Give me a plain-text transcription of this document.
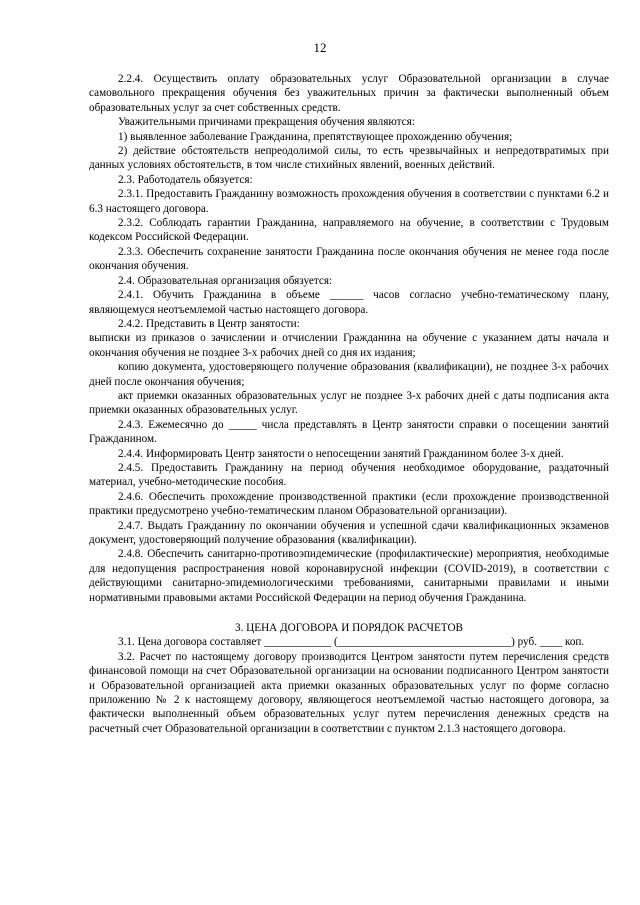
12

2.2.4. Осуществить оплату образовательных услуг Образовательной организации в случае самовольного прекращения обучения без уважительных причин за фактически выполненный объем образовательных услуг за счет собственных средств.

Уважительными причинами прекращения обучения являются:

1) выявленное заболевание Гражданина, препятствующее прохождению обучения;

2) действие обстоятельств непреодолимой силы, то есть чрезвычайных и непредотвратимых при данных условиях обстоятельств, в том числе стихийных явлений, военных действий.

2.3. Работодатель обязуется:

2.3.1. Предоставить Гражданину возможность прохождения обучения в соответствии с пунктами 6.2 и 6.3 настоящего договора.

2.3.2. Соблюдать гарантии Гражданина, направляемого на обучение, в соответствии с Трудовым кодексом Российской Федерации.

2.3.3. Обеспечить сохранение занятости Гражданина после окончания обучения не менее года после окончания обучения.

2.4. Образовательная организация обязуется:

2.4.1. Обучить Гражданина в объеме ______ часов согласно учебно-тематическому плану, являющемуся неотъемлемой частью настоящего договора.

2.4.2. Представить в Центр занятости:

выписки из приказов о зачислении и отчислении Гражданина на обучение с указанием даты начала и окончания обучения не позднее 3-х рабочих дней со дня их издания;

копию документа, удостоверяющего получение образования (квалификации), не позднее 3-х рабочих дней после окончания обучения;

акт приемки оказанных образовательных услуг не позднее 3-х рабочих дней с даты подписания акта приемки оказанных образовательных услуг.

2.4.3. Ежемесячно до _____ числа представлять в Центр занятости справки о посещении занятий Гражданином.

2.4.4. Информировать Центр занятости о непосещении занятий Гражданином более 3-х дней.

2.4.5. Предоставить Гражданину на период обучения необходимое оборудование, раздаточный материал, учебно-методические пособия.

2.4.6. Обеспечить прохождение производственной практики (если прохождение производственной практики предусмотрено учебно-тематическим планом Образовательной организации).

2.4.7. Выдать Гражданину по окончании обучения и успешной сдачи квалификационных экзаменов документ, удостоверяющий получение образования (квалификации).

2.4.8. Обеспечить санитарно-противоэпидемические (профилактические) мероприятия, необходимые для недопущения распространения новой коронавирусной инфекции (COVID-2019), в соответствии с действующими санитарно-эпидемиологическими требованиями, санитарными правилами и иными нормативными правовыми актами Российской Федерации на период обучения Гражданина.

3. ЦЕНА ДОГОВОРА И ПОРЯДОК РАСЧЕТОВ

3.1. Цена договора составляет ____________ (_______________________________) руб. ____ коп.

3.2. Расчет по настоящему договору производится Центром занятости путем перечисления средств финансовой помощи на счет Образовательной организации на основании подписанного Центром занятости и Образовательной организацией акта приемки оказанных образовательных услуг по форме согласно приложению № 2 к настоящему договору, являющегося неотъемлемой частью настоящего договора, за фактически выполненный объем образовательных услуг путем перечисления денежных средств на расчетный счет Образовательной организации в соответствии с пунктом 2.1.3 настоящего договора.
